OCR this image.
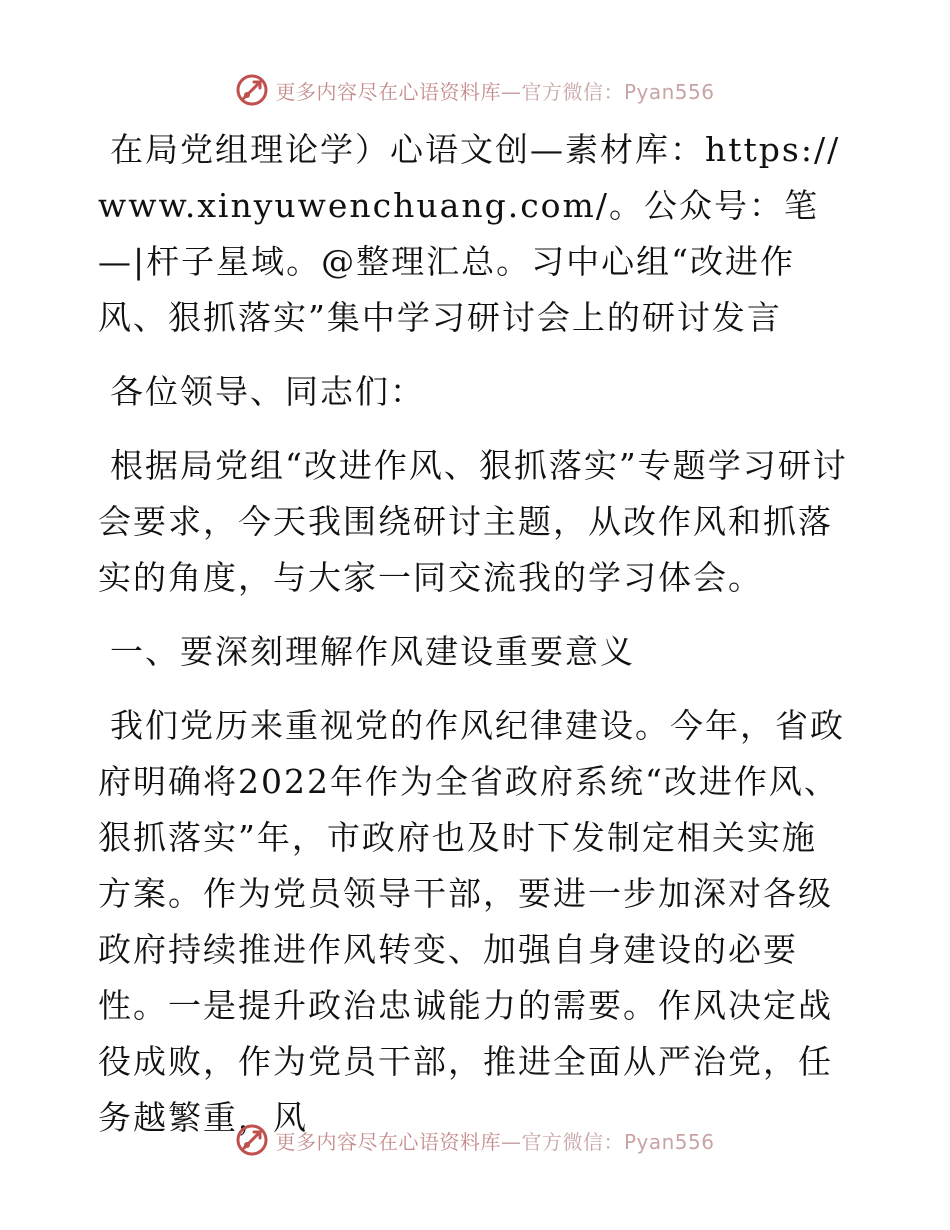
更多内容尽在心语资料库—官方微信：Pyan556

在局党组理论学）心语文创—素材库：https://www.xinyuwenchuang.com/。公众号：笔—|杆子星域。@整理汇总。习中心组“改进作风、狠抓落实”集中学习研讨会上的研讨发言

各位领导、同志们：

根据局党组“改进作风、狠抓落实”专题学习研讨会要求，今天我围绕研讨主题，从改作风和抓落实的角度，与大家一同交流我的学习体会。

一、要深刻理解作风建设重要意义

我们党历来重视党的作风纪律建设。今年，省政府明确将2022年作为全省政府系统“改进作风、狠抓落实”年，市政府也及时下发制定相关实施方案。作为党员领导干部，要进一步加深对各级政府持续推进作风转变、加强自身建设的必要性。一是提升政治忠诚能力的需要。作风决定战役成败，作为党员干部，推进全面从严治党，任务越繁重，风

更多内容尽在心语资料库—官方微信：Pyan556
